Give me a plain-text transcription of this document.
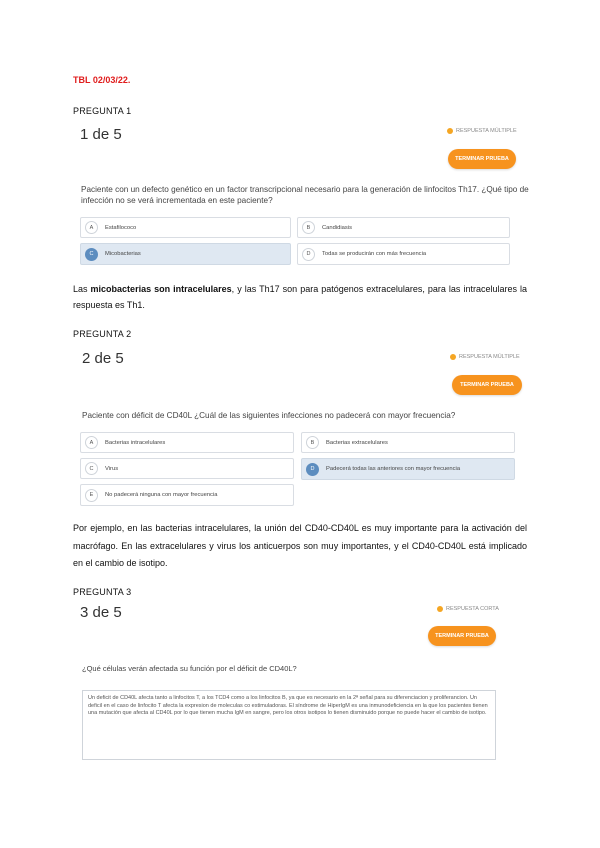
TBL 02/03/22.
PREGUNTA 1
1 de 5	RESPUESTA MÚLTIPLE
TERMINAR PRUEBA
Paciente con un defecto genético en un factor transcripcional necesario para la generación de linfocitos Th17. ¿Qué tipo de infección no se verá incrementada en este paciente?
A	Estafilococo	B	Candidiasis
C	Micobacterias	D	Todas se producirán con más frecuencia
Las micobacterias son intracelulares, y las Th17 son para patógenos extracelulares, para las intracelulares la respuesta es Th1.
PREGUNTA 2
2 de 5	RESPUESTA MÚLTIPLE
TERMINAR PRUEBA
Paciente con déficit de CD40L ¿Cuál de las siguientes infecciones no padecerá con mayor frecuencia?
A	Bacterias intracelulares	B	Bacterias extracelulares
C	Virus	D	Padecerá todas las anteriores con mayor frecuencia
E	No padecerá ninguna con mayor frecuencia
Por ejemplo, en las bacterias intracelulares, la unión del CD40-CD40L es muy importante para la activación del macrófago. En las extracelulares y virus los anticuerpos son muy importantes, y el CD40-CD40L está implicado en el cambio de isotipo.
PREGUNTA 3
3 de 5	RESPUESTA CORTA
TERMINAR PRUEBA
¿Qué células verán afectada su función por el déficit de CD40L?
Un deficit de CD40L afecta tanto a linfocitos T, a los TCD4 como a los linfocitos B, ya que es necesario en la 2ª señal para su diferenciacion y proliferancion. Un deficil en el caso de linfocito T afecta la expresion de moleculas co estimuladoras. El síndrome de HiperIgM es una inmunodeficiencia en la que los pacientes tienen una mutación que afecta al CD40L por lo que tienen mucha IgM en sangre, pero los otros isotipos lo tienen disminuido porque no puede hacer el cambio de isotipo.
